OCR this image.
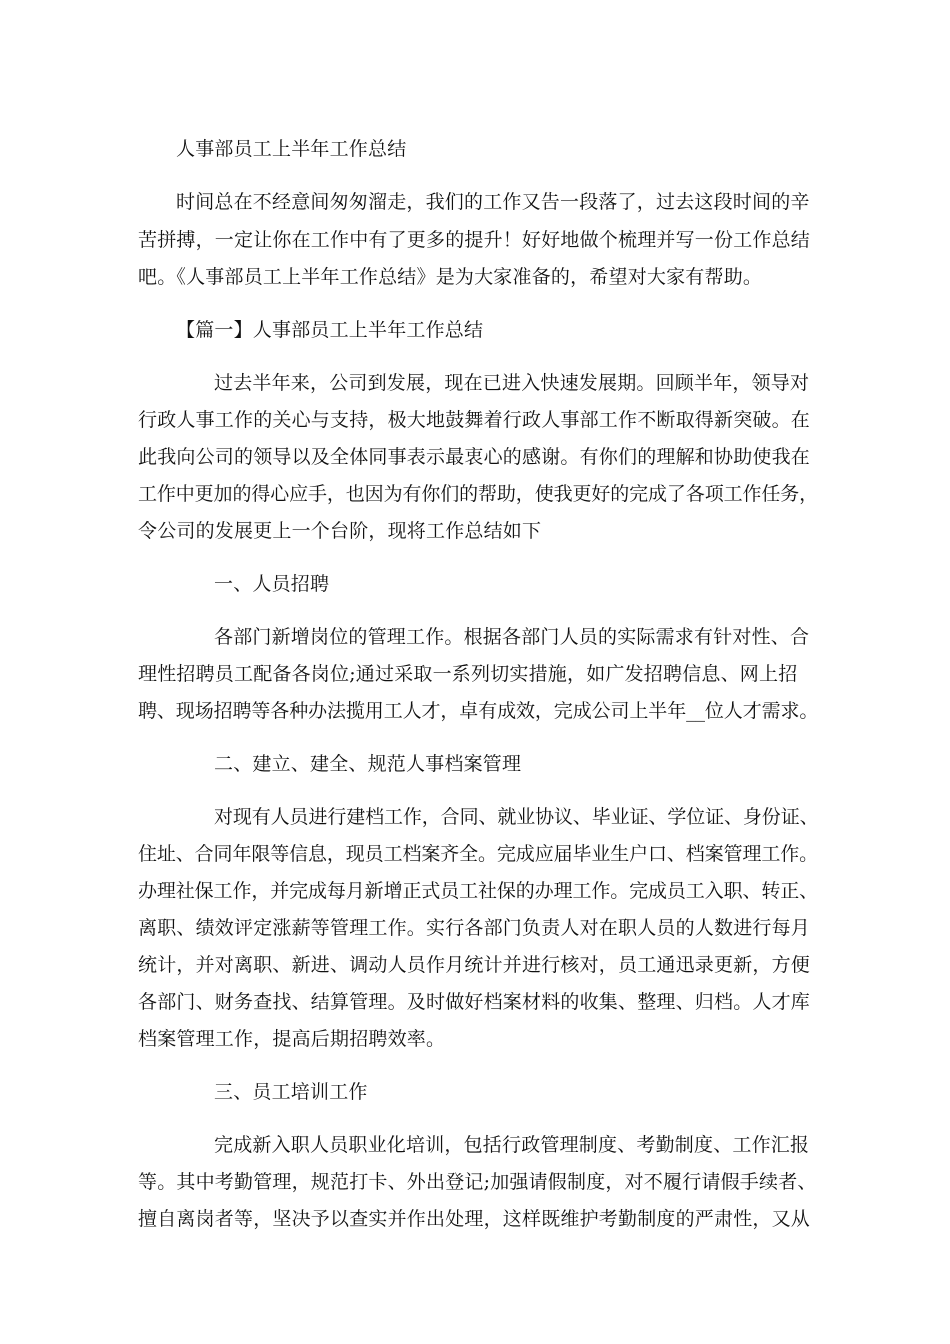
人事部员工上半年工作总结
时间总在不经意间匆匆溜走，我们的工作又告一段落了，过去这段时间的辛
苦拼搏，一定让你在工作中有了更多的提升！好好地做个梳理并写一份工作总结
吧。《人事部员工上半年工作总结》是为大家准备的，希望对大家有帮助。
【篇一】人事部员工上半年工作总结
过去半年来，公司到发展，现在已进入快速发展期。回顾半年，领导对
行政人事工作的关心与支持，极大地鼓舞着行政人事部工作不断取得新突破。在
此我向公司的领导以及全体同事表示最衷心的感谢。有你们的理解和协助使我在
工作中更加的得心应手，也因为有你们的帮助，使我更好的完成了各项工作任务，
令公司的发展更上一个台阶，现将工作总结如下
一、人员招聘
各部门新增岗位的管理工作。根据各部门人员的实际需求有针对性、合
理性招聘员工配备各岗位;通过采取一系列切实措施，如广发招聘信息、网上招
聘、现场招聘等各种办法揽用工人才，卓有成效，完成公司上半年__位人才需求。
二、建立、建全、规范人事档案管理
对现有人员进行建档工作，合同、就业协议、毕业证、学位证、身份证、
住址、合同年限等信息，现员工档案齐全。完成应届毕业生户口、档案管理工作。
办理社保工作，并完成每月新增正式员工社保的办理工作。完成员工入职、转正、
离职、绩效评定涨薪等管理工作。实行各部门负责人对在职人员的人数进行每月
统计，并对离职、新进、调动人员作月统计并进行核对，员工通迅录更新，方便
各部门、财务查找、结算管理。及时做好档案材料的收集、整理、归档。人才库
档案管理工作，提高后期招聘效率。
三、员工培训工作
完成新入职人员职业化培训，包括行政管理制度、考勤制度、工作汇报
等。其中考勤管理，规范打卡、外出登记;加强请假制度，对不履行请假手续者、
擅自离岗者等，坚决予以查实并作出处理，这样既维护考勤制度的严肃性，又从
